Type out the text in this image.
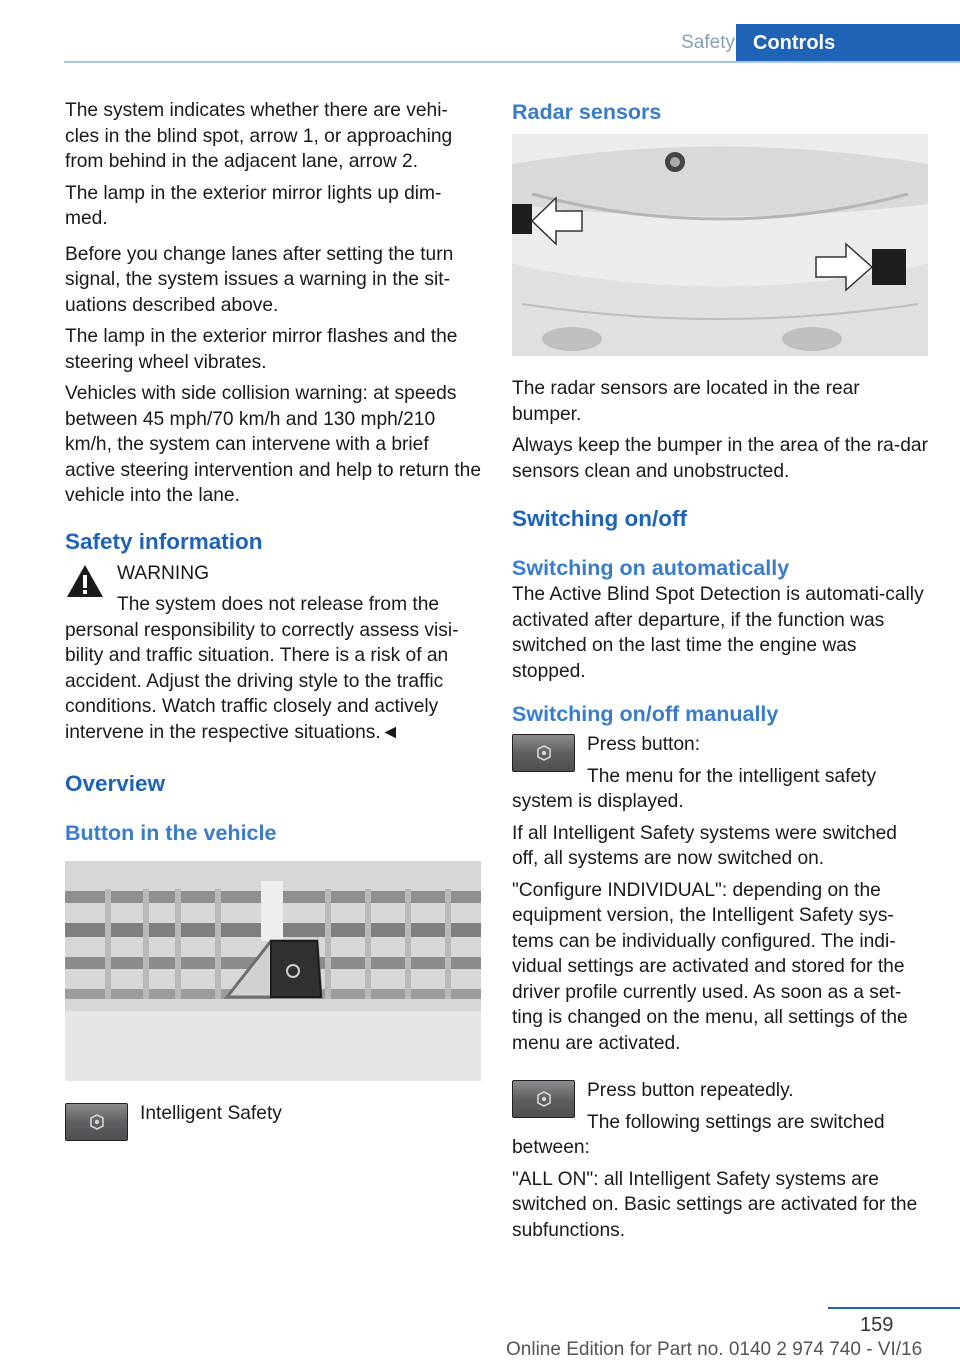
Safety Controls

The system indicates whether there are vehi‐cles in the blind spot, arrow 1, or approaching from behind in the adjacent lane, arrow 2.

The lamp in the exterior mirror lights up dim‐med.

Before you change lanes after setting the turn signal, the system issues a warning in the sit‐uations described above.

The lamp in the exterior mirror flashes and the steering wheel vibrates.

Vehicles with side collision warning: at speeds between 45 mph/70 km/h and 130 mph/210 km/h, the system can intervene with a brief active steering intervention and help to return the vehicle into the lane.

Safety information

WARNING

The system does not release from the personal responsibility to correctly assess visi‐bility and traffic situation. There is a risk of an accident. Adjust the driving style to the traffic conditions. Watch traffic closely and actively intervene in the respective situations.◄

Overview
Button in the vehicle
Intelligent Safety
Radar sensors

The radar sensors are located in the rear bumper.

Always keep the bumper in the area of the ra‐dar sensors clean and unobstructed.

Switching on/off
Switching on automatically

The Active Blind Spot Detection is automati‐cally activated after departure, if the function was switched on the last time the engine was stopped.

Switching on/off manually
Press button:

The menu for the intelligent safety system is displayed.

If all Intelligent Safety systems were switched off, all systems are now switched on.

"Configure INDIVIDUAL": depending on the equipment version, the Intelligent Safety sys‐tems can be individually configured. The indi‐vidual settings are activated and stored for the driver profile currently used. As soon as a set‐ting is changed on the menu, all settings of the menu are activated.

Press button repeatedly.

The following settings are switched between:

"ALL ON": all Intelligent Safety systems are switched on. Basic settings are activated for the subfunctions.

159
Online Edition for Part no. 0140 2 974 740 - VI/16
